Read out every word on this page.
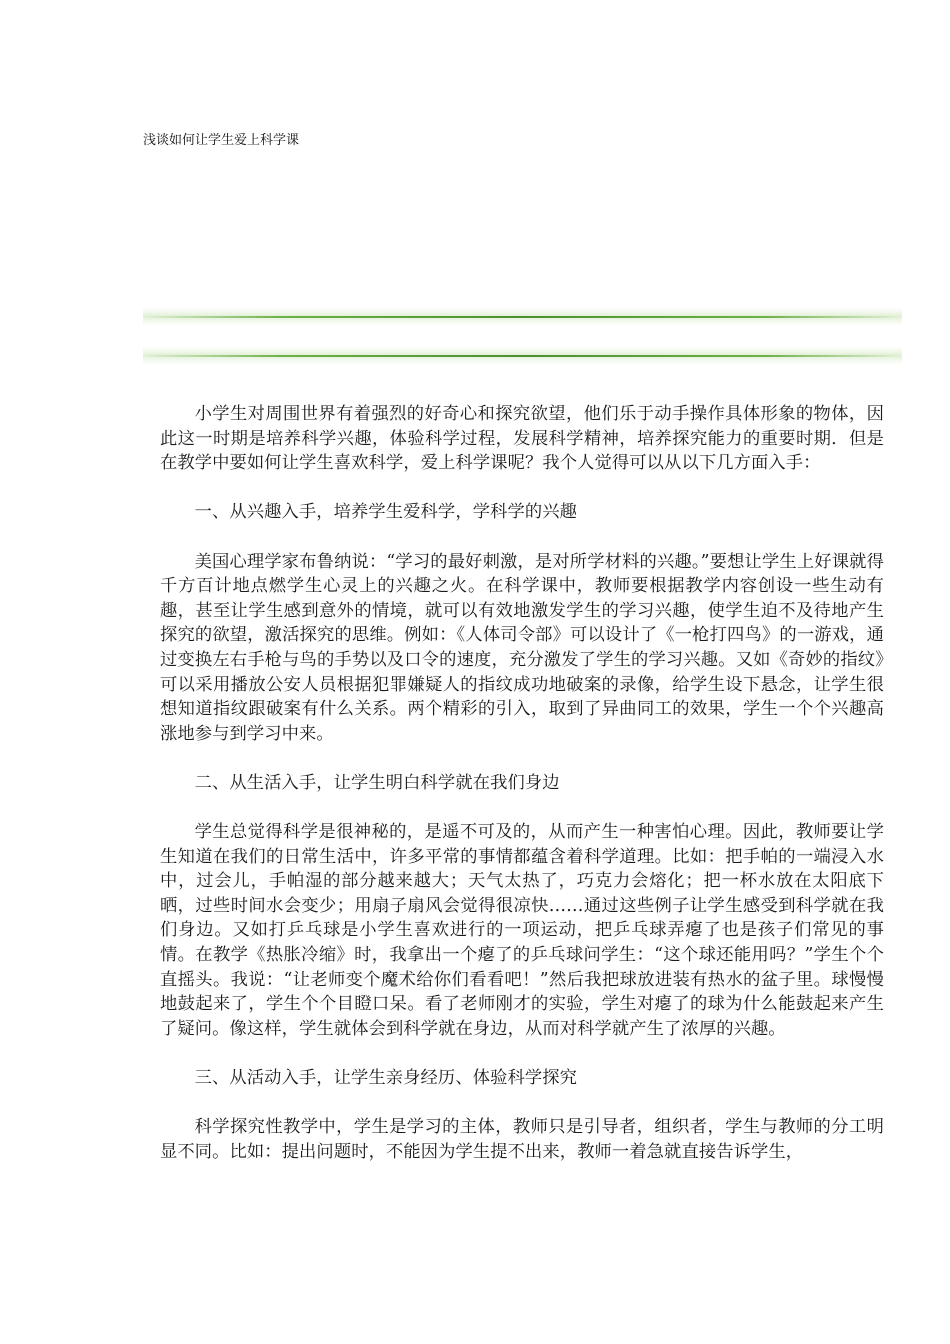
浅谈如何让学生爱上科学课

小学生对周围世界有着强烈的好奇心和探究欲望，他们乐于动手操作具体形象的物体，因此这一时期是培养科学兴趣，体验科学过程，发展科学精神，培养探究能力的重要时期．但是在教学中要如何让学生喜欢科学，爱上科学课呢？我个人觉得可以从以下几方面入手：

一、从兴趣入手，培养学生爱科学，学科学的兴趣

美国心理学家布鲁纳说：“学习的最好刺激，是对所学材料的兴趣。”要想让学生上好课就得千方百计地点燃学生心灵上的兴趣之火。在科学课中，教师要根据教学内容创设一些生动有趣，甚至让学生感到意外的情境，就可以有效地激发学生的学习兴趣，使学生迫不及待地产生探究的欲望，激活探究的思维。例如：《人体司令部》可以设计了《一枪打四鸟》的一游戏，通过变换左右手枪与鸟的手势以及口令的速度，充分激发了学生的学习兴趣。又如《奇妙的指纹》可以采用播放公安人员根据犯罪嫌疑人的指纹成功地破案的录像，给学生设下悬念，让学生很想知道指纹跟破案有什么关系。两个精彩的引入，取到了异曲同工的效果，学生一个个兴趣高涨地参与到学习中来。

二、从生活入手，让学生明白科学就在我们身边

学生总觉得科学是很神秘的，是遥不可及的，从而产生一种害怕心理。因此，教师要让学生知道在我们的日常生活中，许多平常的事情都蕴含着科学道理。比如：把手帕的一端浸入水中，过会儿，手帕湿的部分越来越大；天气太热了，巧克力会熔化；把一杯水放在太阳底下晒，过些时间水会变少；用扇子扇风会觉得很凉快……通过这些例子让学生感受到科学就在我们身边。又如打乒乓球是小学生喜欢进行的一项运动，把乒乓球弄瘪了也是孩子们常见的事情。在教学《热胀冷缩》时，我拿出一个瘪了的乒乓球问学生：“这个球还能用吗？”学生个个直摇头。我说：“让老师变个魔术给你们看看吧！”然后我把球放进装有热水的盆子里。球慢慢地鼓起来了，学生个个目瞪口呆。看了老师刚才的实验，学生对瘪了的球为什么能鼓起来产生了疑问。像这样，学生就体会到科学就在身边，从而对科学就产生了浓厚的兴趣。

三、从活动入手，让学生亲身经历、体验科学探究

科学探究性教学中，学生是学习的主体，教师只是引导者，组织者，学生与教师的分工明显不同。比如：提出问题时，不能因为学生提不出来，教师一着急就直接告诉学生，
